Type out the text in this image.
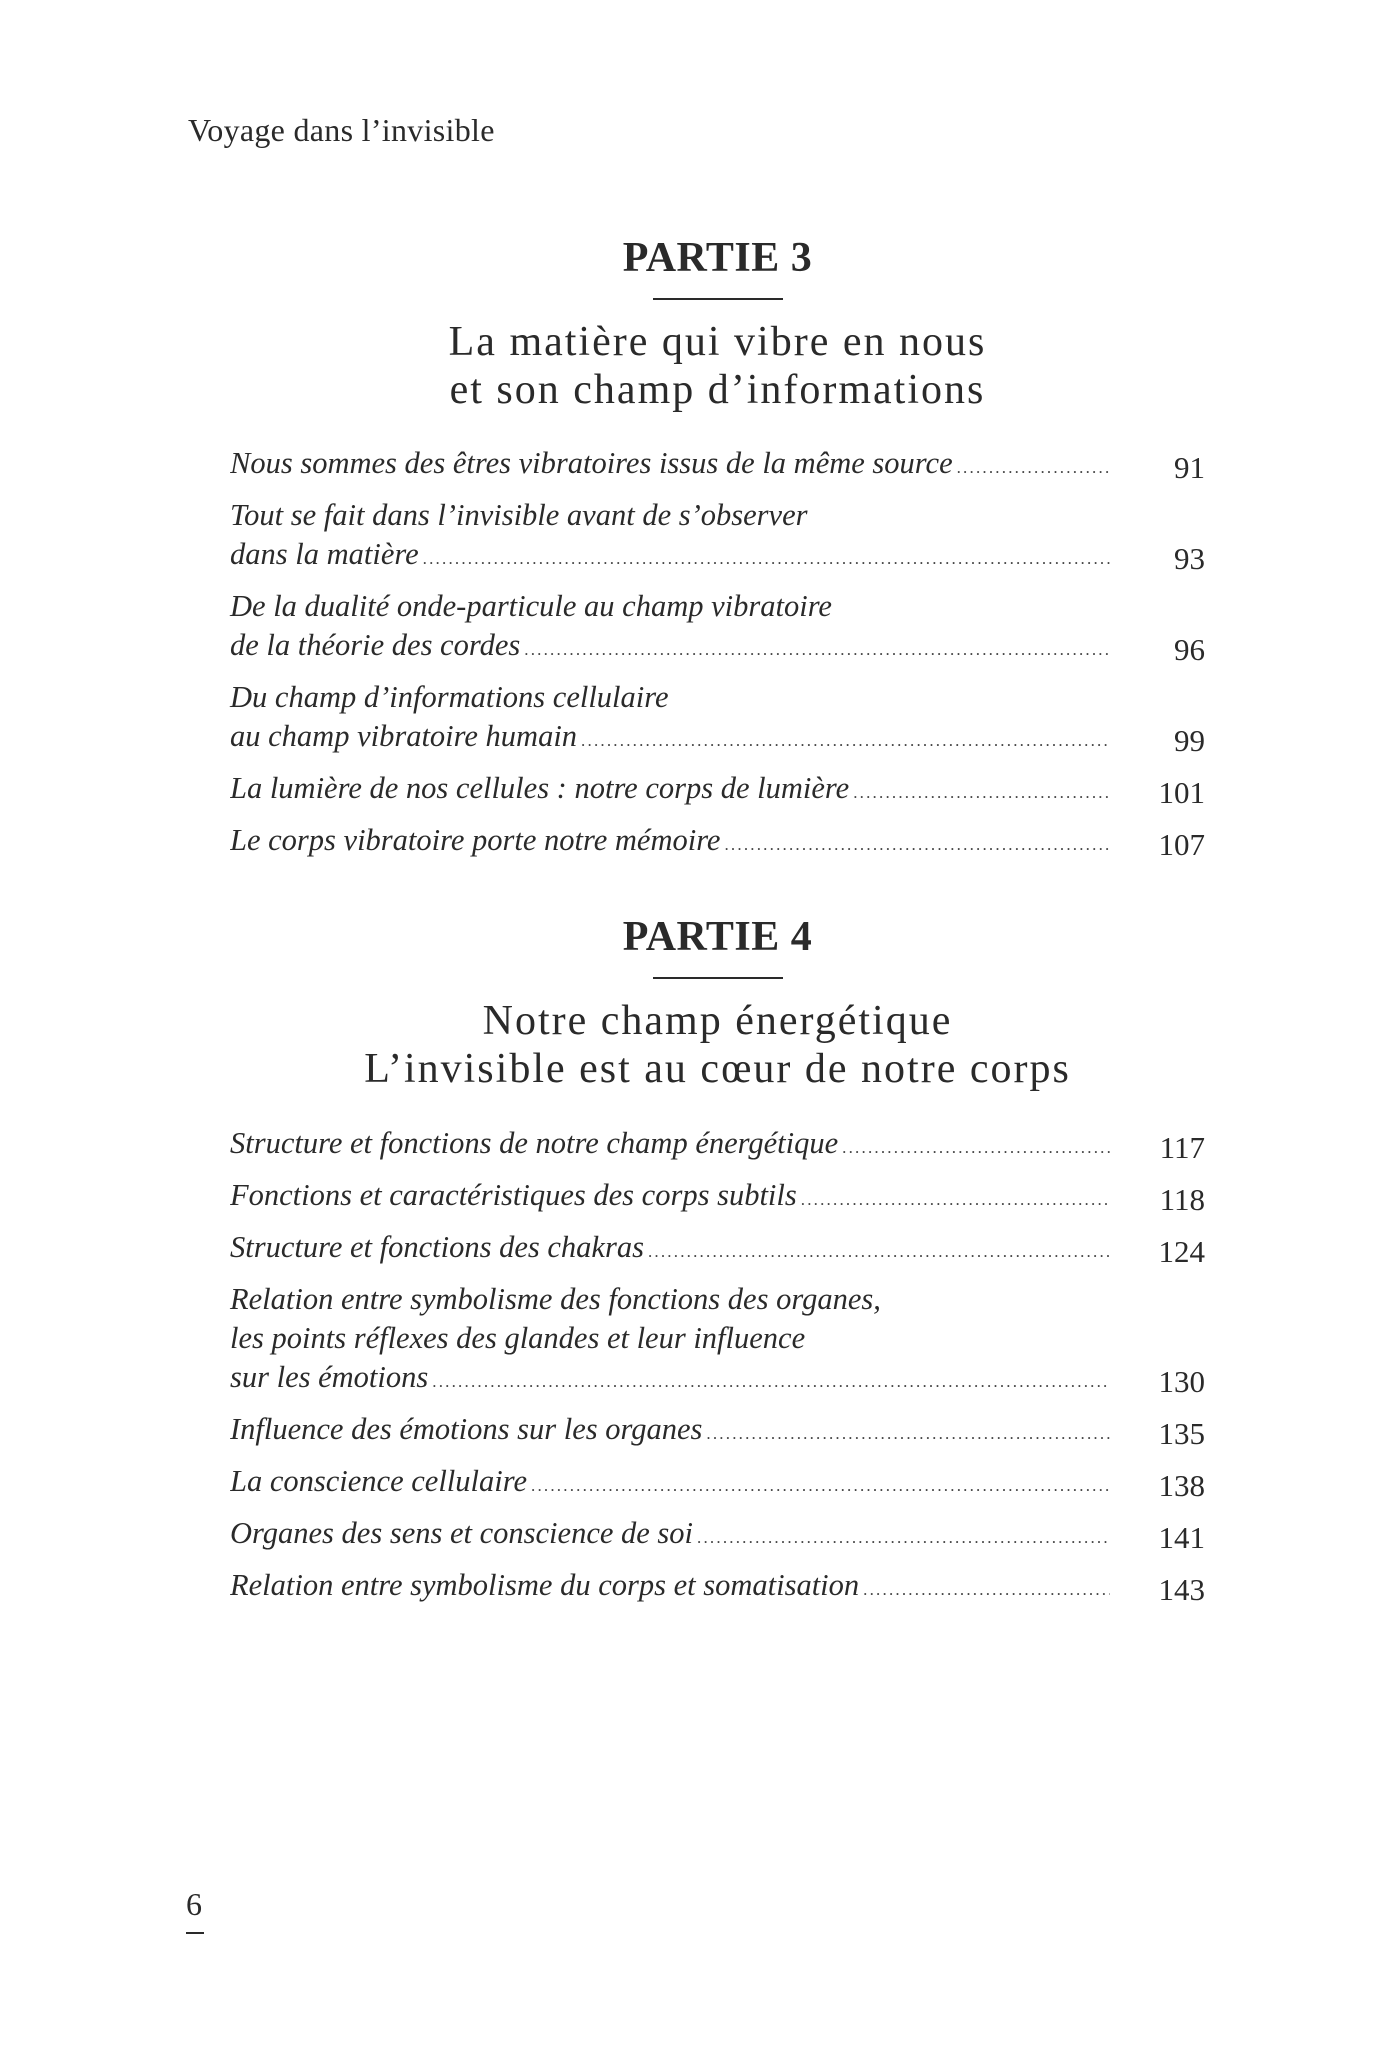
Voyage dans l’invisible
PARTIE 3
La matière qui vibre en nous
et son champ d’informations
Nous sommes des êtres vibratoires issus de la même source .....	91
Tout se fait dans l’invisible avant de s’observer
dans la matière .....	93
De la dualité onde-particule au champ vibratoire
de la théorie des cordes .....	96
Du champ d’informations cellulaire
au champ vibratoire humain .....	99
La lumière de nos cellules : notre corps de lumière .....	101
Le corps vibratoire porte notre mémoire .....	107
PARTIE 4
Notre champ énergétique
L’invisible est au cœur de notre corps
Structure et fonctions de notre champ énergétique .....	117
Fonctions et caractéristiques des corps subtils .....	118
Structure et fonctions des chakras .....	124
Relation entre symbolisme des fonctions des organes,
les points réflexes des glandes et leur influence
sur les émotions .....	130
Influence des émotions sur les organes .....	135
La conscience cellulaire .....	138
Organes des sens et conscience de soi .....	141
Relation entre symbolisme du corps et somatisation .....	143
6
